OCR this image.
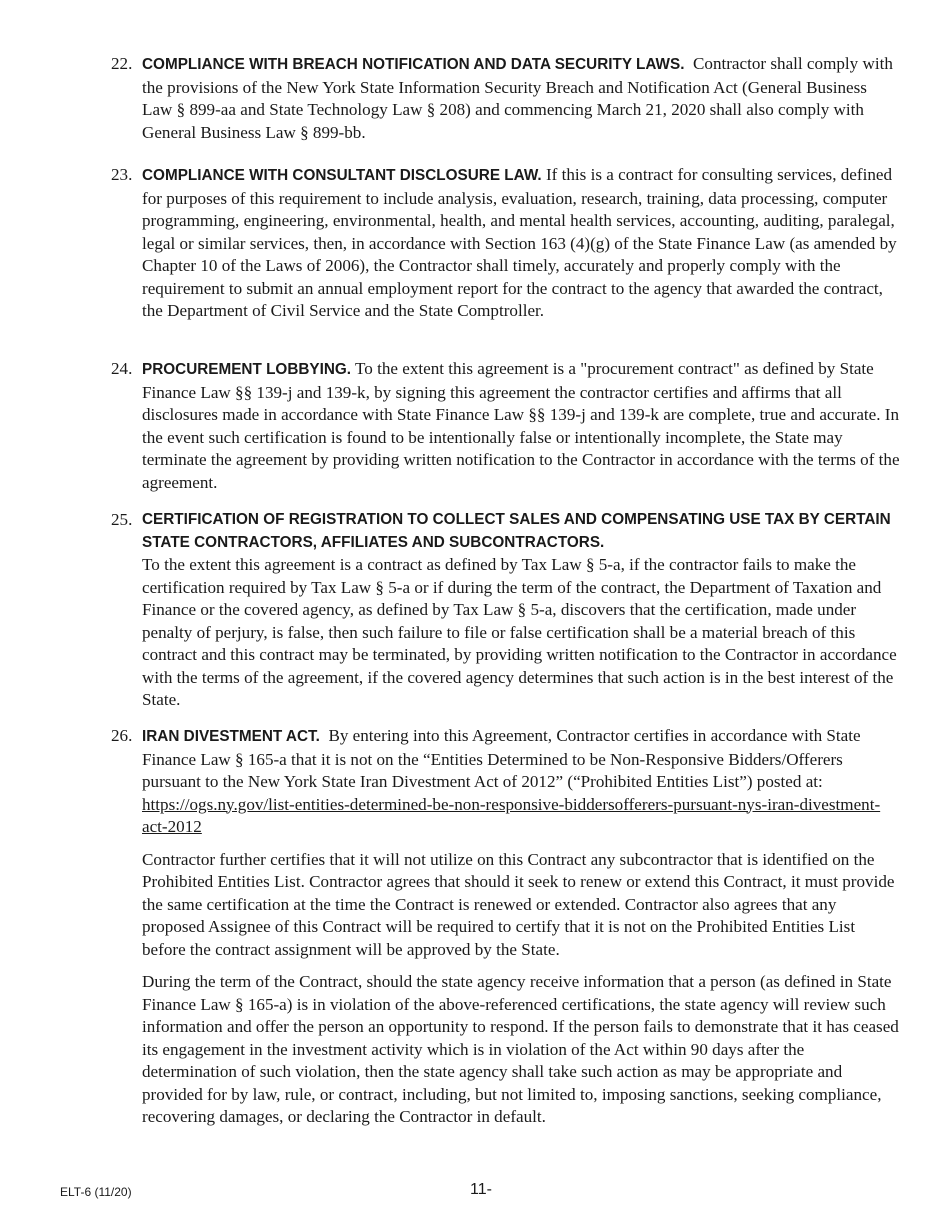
22. COMPLIANCE WITH BREACH NOTIFICATION AND DATA SECURITY LAWS. Contractor shall comply with the provisions of the New York State Information Security Breach and Notification Act (General Business Law § 899-aa and State Technology Law § 208) and commencing March 21, 2020 shall also comply with General Business Law § 899-bb.
23. COMPLIANCE WITH CONSULTANT DISCLOSURE LAW. If this is a contract for consulting services, defined for purposes of this requirement to include analysis, evaluation, research, training, data processing, computer programming, engineering, environmental, health, and mental health services, accounting, auditing, paralegal, legal or similar services, then, in accordance with Section 163 (4)(g) of the State Finance Law (as amended by Chapter 10 of the Laws of 2006), the Contractor shall timely, accurately and properly comply with the requirement to submit an annual employment report for the contract to the agency that awarded the contract, the Department of Civil Service and the State Comptroller.
24. PROCUREMENT LOBBYING. To the extent this agreement is a "procurement contract" as defined by State Finance Law §§ 139-j and 139-k, by signing this agreement the contractor certifies and affirms that all disclosures made in accordance with State Finance Law §§ 139-j and 139-k are complete, true and accurate. In the event such certification is found to be intentionally false or intentionally incomplete, the State may terminate the agreement by providing written notification to the Contractor in accordance with the terms of the agreement.
25. CERTIFICATION OF REGISTRATION TO COLLECT SALES AND COMPENSATING USE TAX BY CERTAIN STATE CONTRACTORS, AFFILIATES AND SUBCONTRACTORS.
To the extent this agreement is a contract as defined by Tax Law § 5-a, if the contractor fails to make the certification required by Tax Law § 5-a or if during the term of the contract, the Department of Taxation and Finance or the covered agency, as defined by Tax Law § 5-a, discovers that the certification, made under penalty of perjury, is false, then such failure to file or false certification shall be a material breach of this contract and this contract may be terminated, by providing written notification to the Contractor in accordance with the terms of the agreement, if the covered agency determines that such action is in the best interest of the State.
26. IRAN DIVESTMENT ACT. By entering into this Agreement, Contractor certifies in accordance with State Finance Law § 165-a that it is not on the “Entities Determined to be Non-Responsive Bidders/Offerers pursuant to the New York State Iran Divestment Act of 2012” (“Prohibited Entities List”) posted at: https://ogs.ny.gov/list-entities-determined-be-non-responsive-biddersofferers-pursuant-nys-iran-divestment-act-2012
Contractor further certifies that it will not utilize on this Contract any subcontractor that is identified on the Prohibited Entities List. Contractor agrees that should it seek to renew or extend this Contract, it must provide the same certification at the time the Contract is renewed or extended. Contractor also agrees that any proposed Assignee of this Contract will be required to certify that it is not on the Prohibited Entities List before the contract assignment will be approved by the State.
During the term of the Contract, should the state agency receive information that a person (as defined in State Finance Law § 165-a) is in violation of the above-referenced certifications, the state agency will review such information and offer the person an opportunity to respond. If the person fails to demonstrate that it has ceased its engagement in the investment activity which is in violation of the Act within 90 days after the determination of such violation, then the state agency shall take such action as may be appropriate and provided for by law, rule, or contract, including, but not limited to, imposing sanctions, seeking compliance, recovering damages, or declaring the Contractor in default.
ELT-6 (11/20)	11-
